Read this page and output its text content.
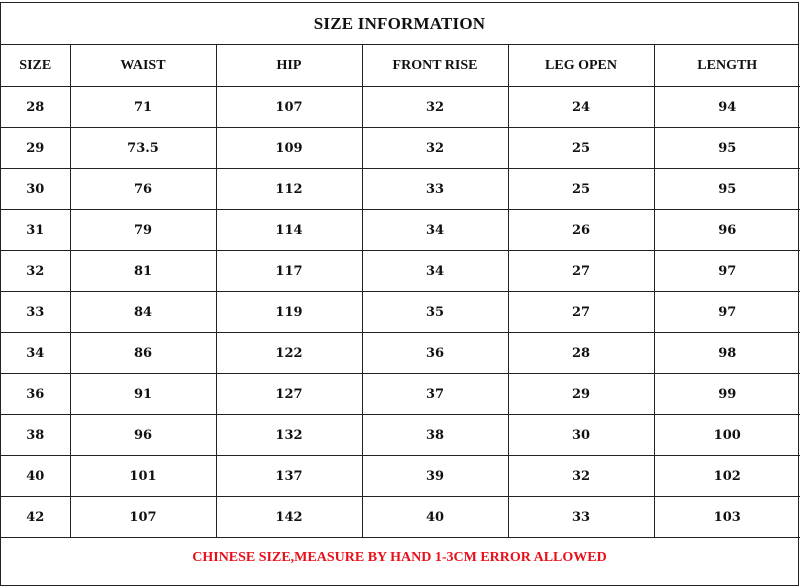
SIZE INFORMATION
SIZE	WAIST	HIP	FRONT RISE	LEG OPEN	LENGTH
28	71	107	32	24	94
29	73.5	109	32	25	95
30	76	112	33	25	95
31	79	114	34	26	96
32	81	117	34	27	97
33	84	119	35	27	97
34	86	122	36	28	98
36	91	127	37	29	99
38	96	132	38	30	100
40	101	137	39	32	102
42	107	142	40	33	103
CHINESE SIZE,MEASURE BY HAND 1-3CM ERROR ALLOWED
